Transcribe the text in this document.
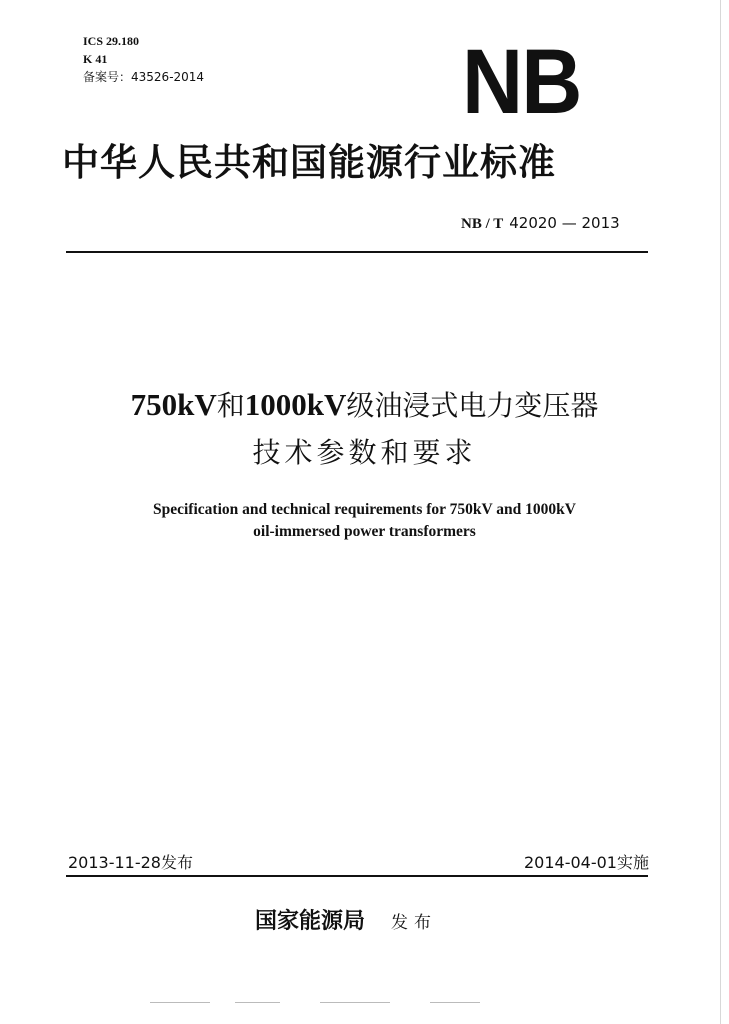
ICS 29.180
K 41
备案号：43526-2014	NB
中华人民共和国能源行业标准
NB / T 42020 — 2013
750kV和1000kV级油浸式电力变压器
技术参数和要求
Specification and technical requirements for 750kV and 1000kV
oil-immersed power transformers
2013-11-28发布	2014-04-01实施
国家能源局 发布
